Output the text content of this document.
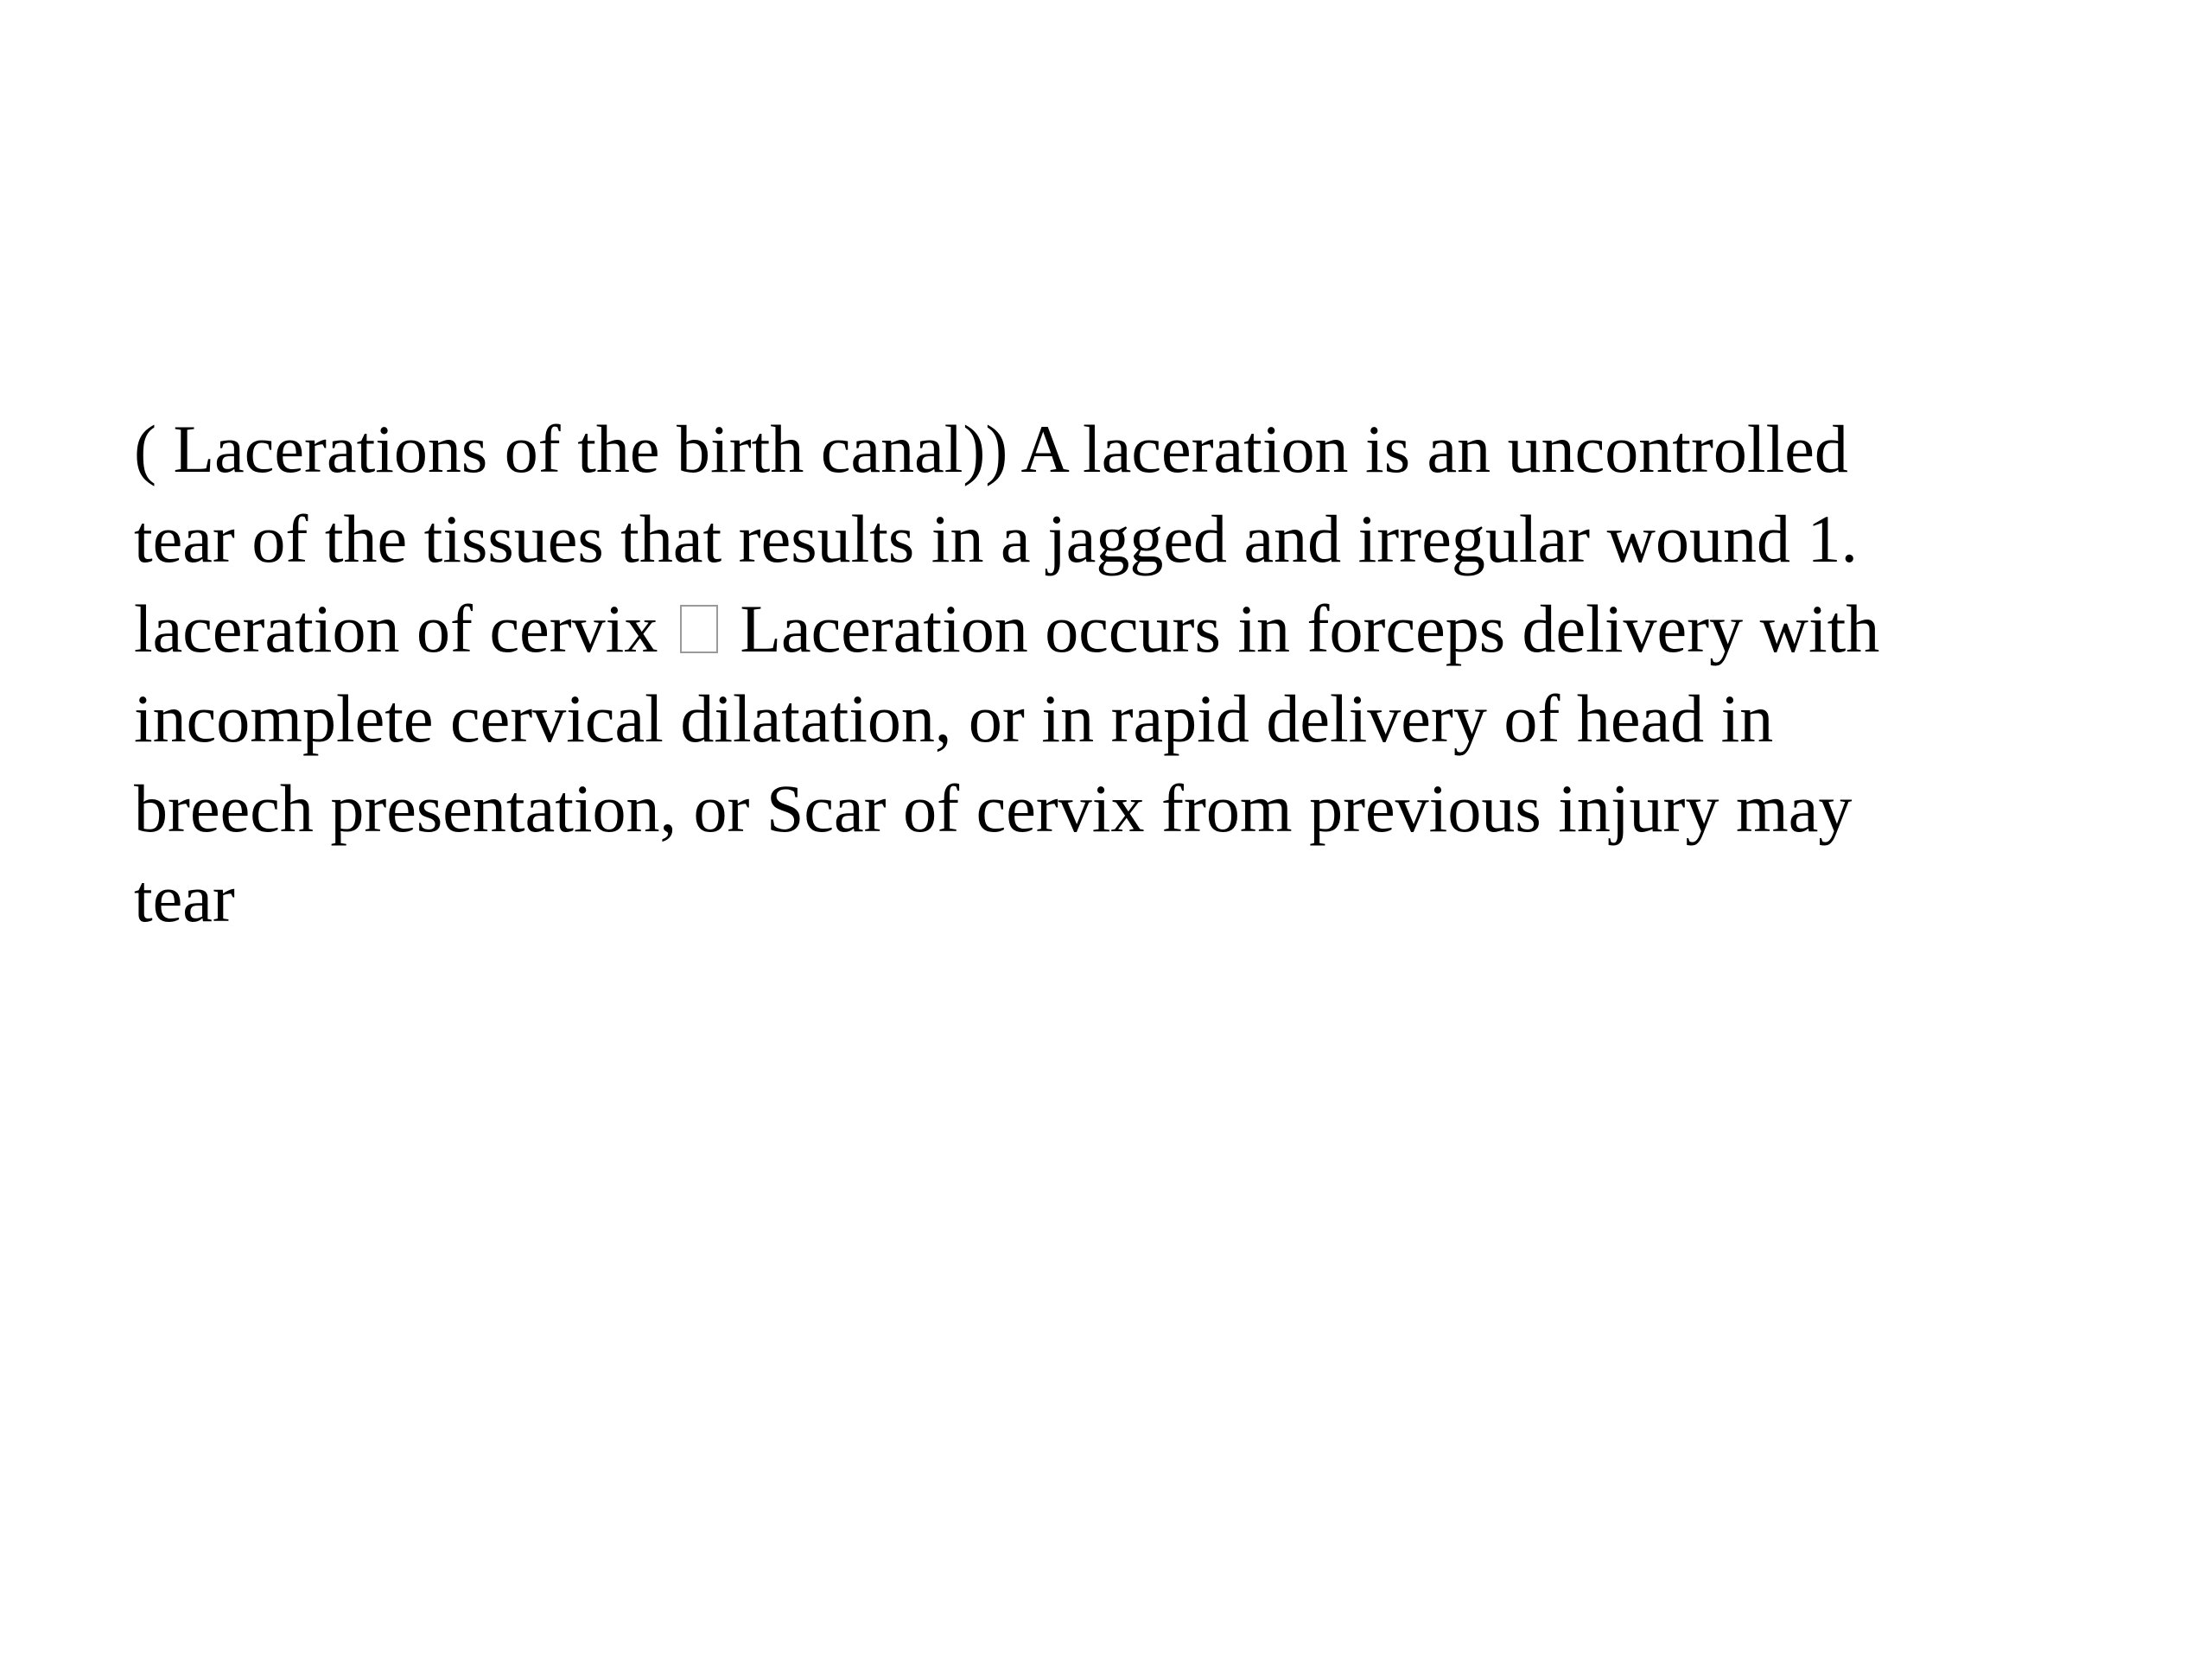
( Lacerations of the birth canal)) A laceration is an uncontrolled
tear of the tissues that results in a jagged and irregular wound 1.
laceration of cervix Laceration occurs in forceps delivery with
incomplete cervical dilatation, or in rapid delivery of head in
breech presentation, or Scar of cervix from previous injury may
tear
